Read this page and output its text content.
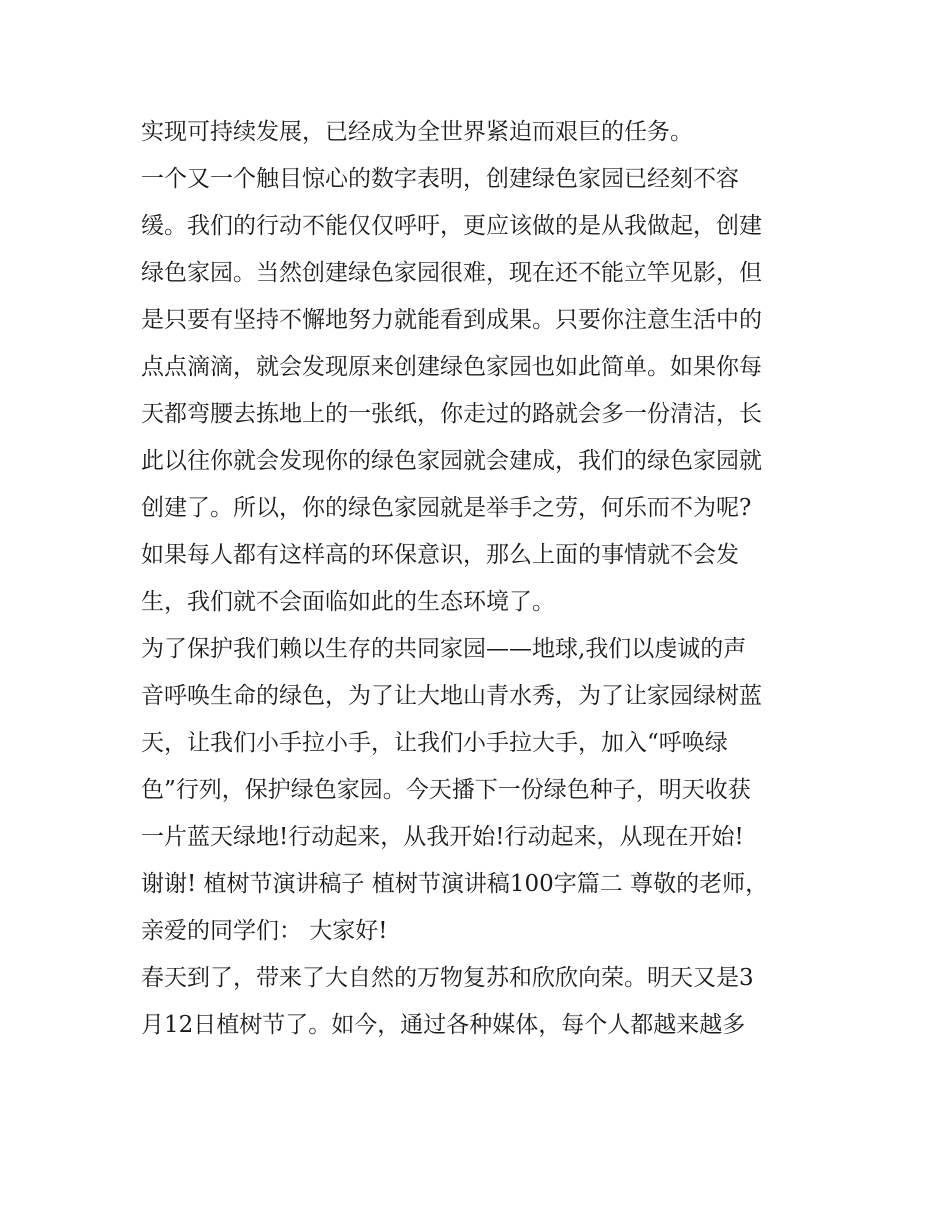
实现可持续发展，已经成为全世界紧迫而艰巨的任务。
一个又一个触目惊心的数字表明，创建绿色家园已经刻不容
缓。我们的行动不能仅仅呼吁，更应该做的是从我做起，创建
绿色家园。当然创建绿色家园很难，现在还不能立竿见影，但
是只要有坚持不懈地努力就能看到成果。只要你注意生活中的
点点滴滴，就会发现原来创建绿色家园也如此简单。如果你每
天都弯腰去拣地上的一张纸，你走过的路就会多一份清洁，长
此以往你就会发现你的绿色家园就会建成，我们的绿色家园就
创建了。所以，你的绿色家园就是举手之劳，何乐而不为呢?
如果每人都有这样高的环保意识，那么上面的事情就不会发
生，我们就不会面临如此的生态环境了。
为了保护我们赖以生存的共同家园——地球,我们以虔诚的声
音呼唤生命的绿色，为了让大地山青水秀，为了让家园绿树蓝
天，让我们小手拉小手，让我们小手拉大手，加入“呼唤绿
色”行列，保护绿色家园。今天播下一份绿色种子，明天收获
一片蓝天绿地!行动起来，从我开始!行动起来，从现在开始!
谢谢! 植树节演讲稿子 植树节演讲稿100字篇二 尊敬的老师，
亲爱的同学们： 大家好!
春天到了，带来了大自然的万物复苏和欣欣向荣。明天又是3
月12日植树节了。如今，通过各种媒体，每个人都越来越多
